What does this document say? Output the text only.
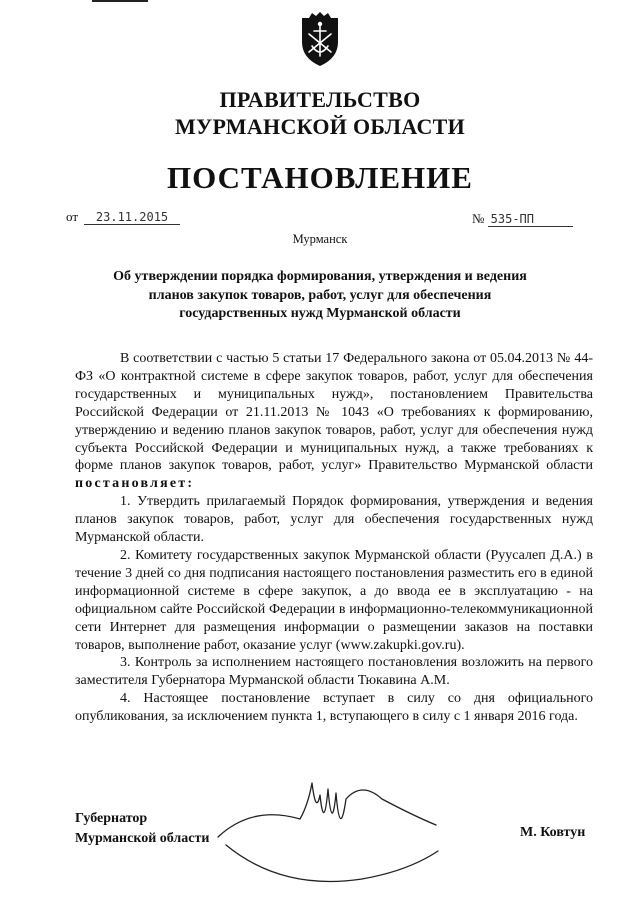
ПРАВИТЕЛЬСТВО
МУРМАНСКОЙ ОБЛАСТИ
ПОСТАНОВЛЕНИЕ
от 23.11.2015	№ 535-ПП
Мурманск
Об утверждении порядка формирования, утверждения и ведения
планов закупок товаров, работ, услуг для обеспечения
государственных нужд Мурманской области

В соответствии с частью 5 статьи 17 Федерального закона от 05.04.2013 № 44-ФЗ «О контрактной системе в сфере закупок товаров, работ, услуг для обеспечения государственных и муниципальных нужд», постановлением Правительства Российской Федерации от 21.11.2013 № 1043 «О требованиях к формированию, утверждению и ведению планов закупок товаров, работ, услуг для обеспечения нужд субъекта Российской Федерации и муниципальных нужд, а также требованиях к форме планов закупок товаров, работ, услуг» Правительство Мурманской области постановляет:

1. Утвердить прилагаемый Порядок формирования, утверждения и ведения планов закупок товаров, работ, услуг для обеспечения государственных нужд Мурманской области.

2. Комитету государственных закупок Мурманской области (Руусалеп Д.А.) в течение 3 дней со дня подписания настоящего постановления разместить его в единой информационной системе в сфере закупок, а до ввода ее в эксплуатацию - на официальном сайте Российской Федерации в информационно-телекоммуникационной сети Интернет для размещения информации о размещении заказов на поставки товаров, выполнение работ, оказание услуг (www.zakupki.gov.ru).

3. Контроль за исполнением настоящего постановления возложить на первого заместителя Губернатора Мурманской области Тюкавина А.М.

4. Настоящее постановление вступает в силу со дня официального опубликования, за исключением пункта 1, вступающего в силу с 1 января 2016 года.

Губернатор
Мурманской области	М. Ковтун
